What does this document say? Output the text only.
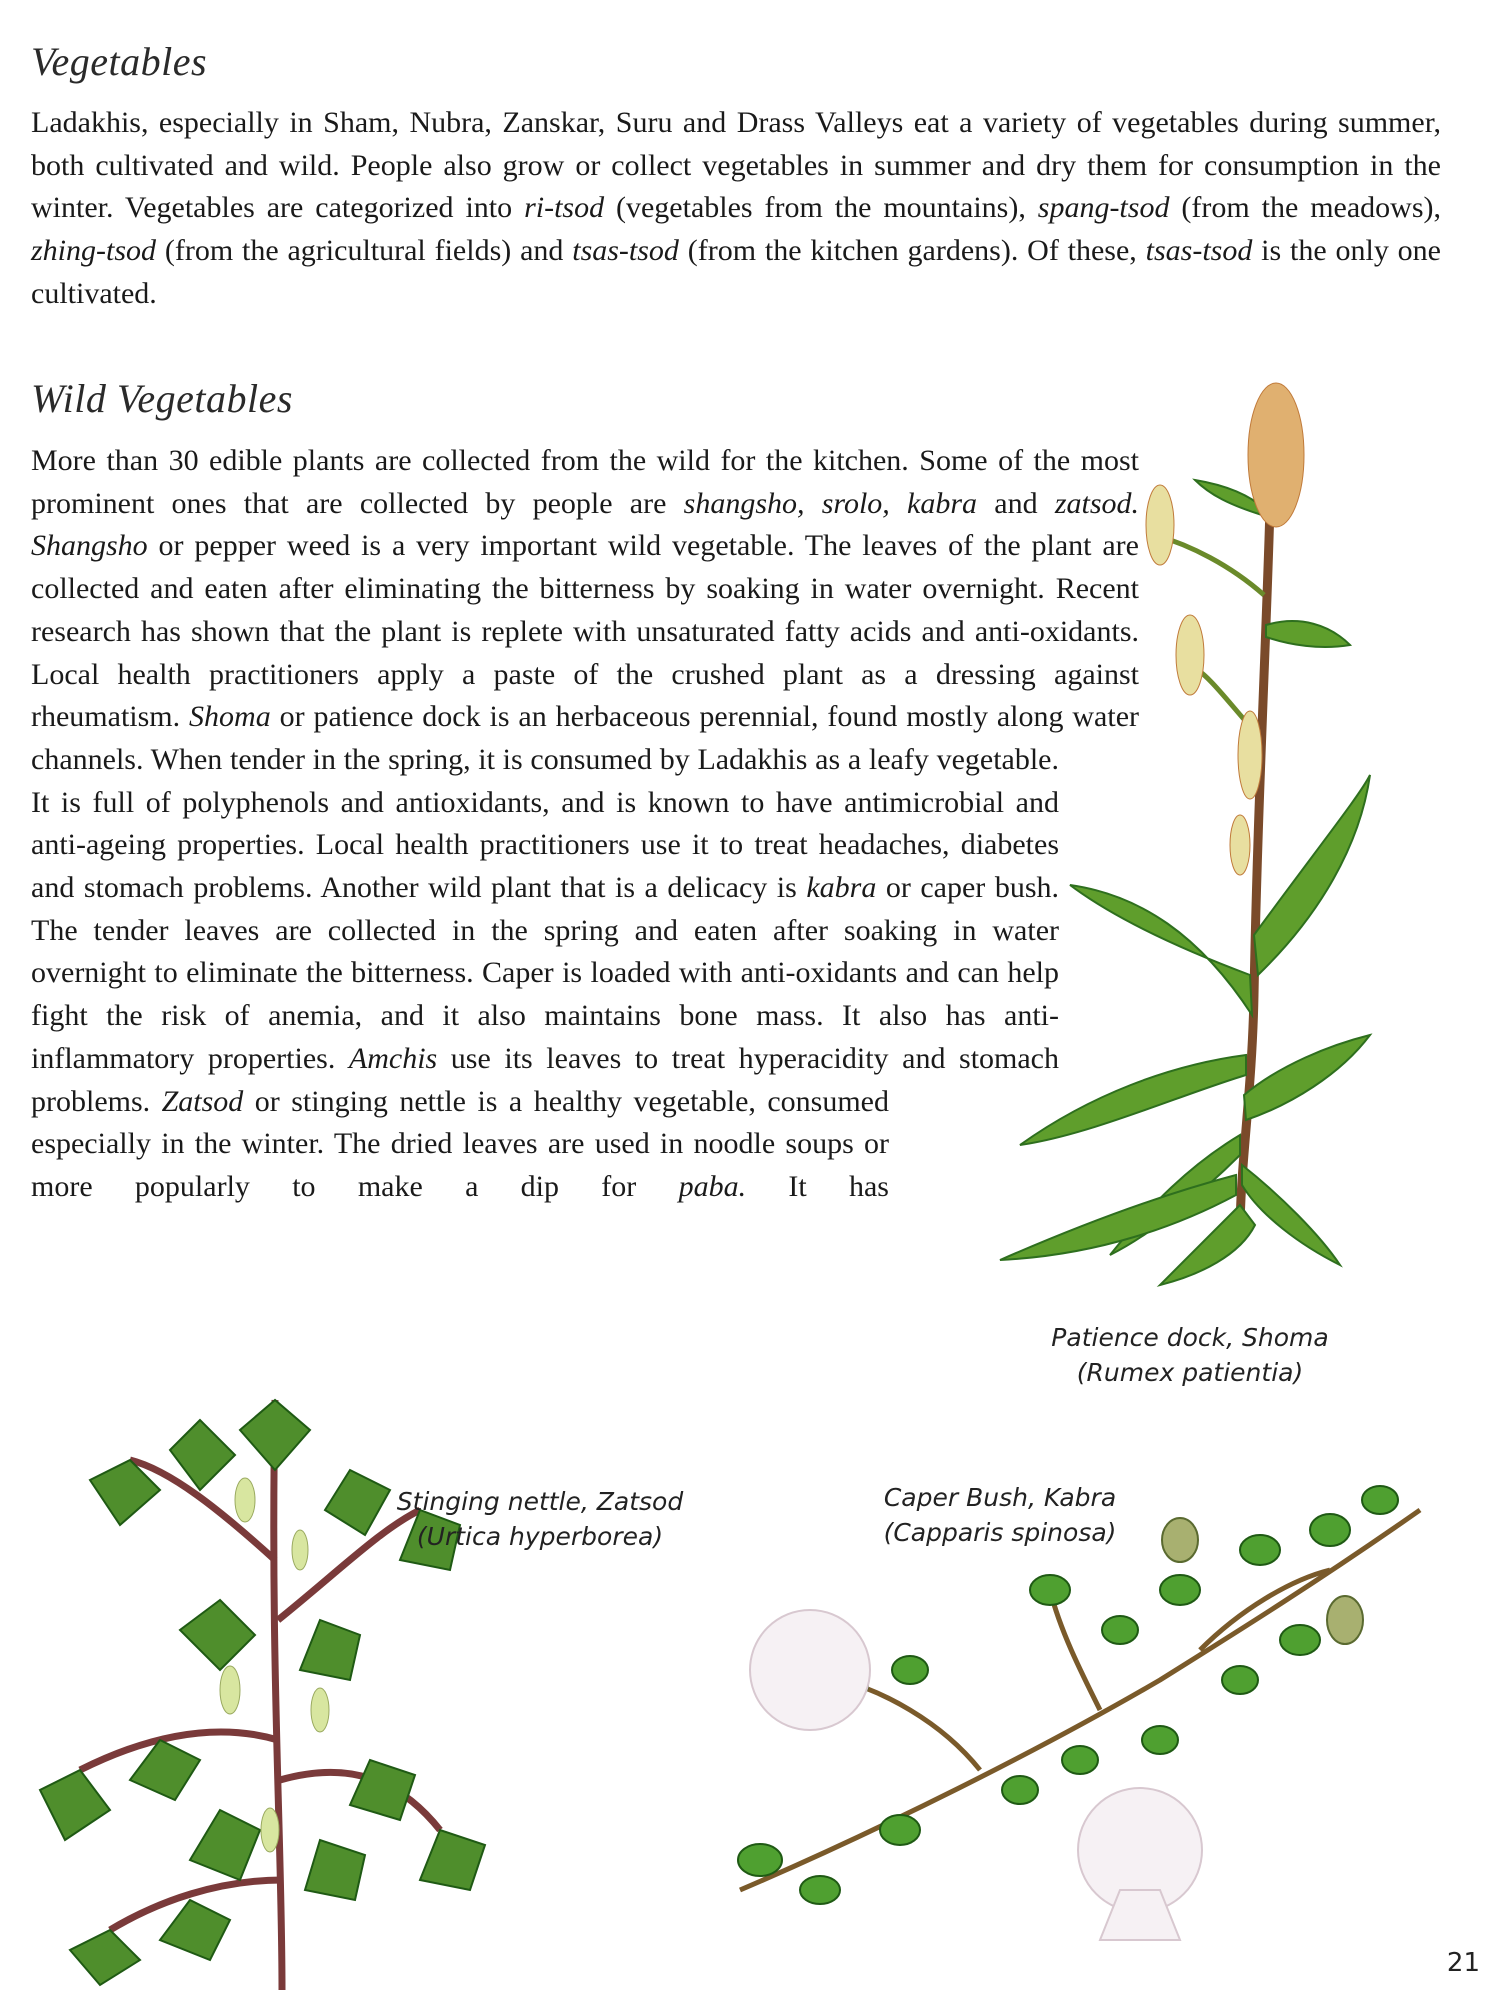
Vegetables

Ladakhis, especially in Sham, Nubra, Zanskar, Suru and Drass Valleys eat a variety of vegetables during summer, both cultivated and wild. People also grow or collect vegetables in summer and dry them for consumption in the winter. Vegetables are categorized into ri-tsod (vegetables from the mountains), spang-tsod (from the meadows), zhing-tsod (from the agricultural fields) and tsas-tsod (from the kitchen gardens). Of these, tsas-tsod is the only one cultivated.

Wild Vegetables

More than 30 edible plants are collected from the wild for the kitchen. Some of the most prominent ones that are collected by people are shangsho, srolo, kabra and zatsod. Shangsho or pepper weed is a very important wild vegetable. The leaves of the plant are collected and eaten after eliminating the bitterness by soaking in water overnight. Recent research has shown that the plant is replete with unsaturated fatty acids and anti-oxidants. Local health practitioners apply a paste of the crushed plant as a dressing against rheumatism. Shoma or patience dock is an herbaceous perennial, found mostly along water channels. When tender in the spring, it is consumed by Ladakhis as a leafy vegetable. It is full of polyphenols and antioxidants, and is known to have antimicrobial and anti-ageing properties. Local health practitioners use it to treat headaches, diabetes and stomach problems. Another wild plant that is a delicacy is kabra or caper bush. The tender leaves are collected in the spring and eaten after soaking in water overnight to eliminate the bitterness. Caper is loaded with anti-oxidants and can help fight the risk of anemia, and it also maintains bone mass. It also has anti-inflammatory properties. Amchis use its leaves to treat hyperacidity and stomach problems. Zatsod or stinging nettle is a healthy vegetable, consumed especially in the winter. The dried leaves are used in noodle soups or more popularly to make a dip for paba. It has

Patience dock, Shoma
(Rumex patientia)
Stinging nettle, Zatsod
(Urtica hyperborea)
Caper Bush, Kabra
(Capparis spinosa)

21
